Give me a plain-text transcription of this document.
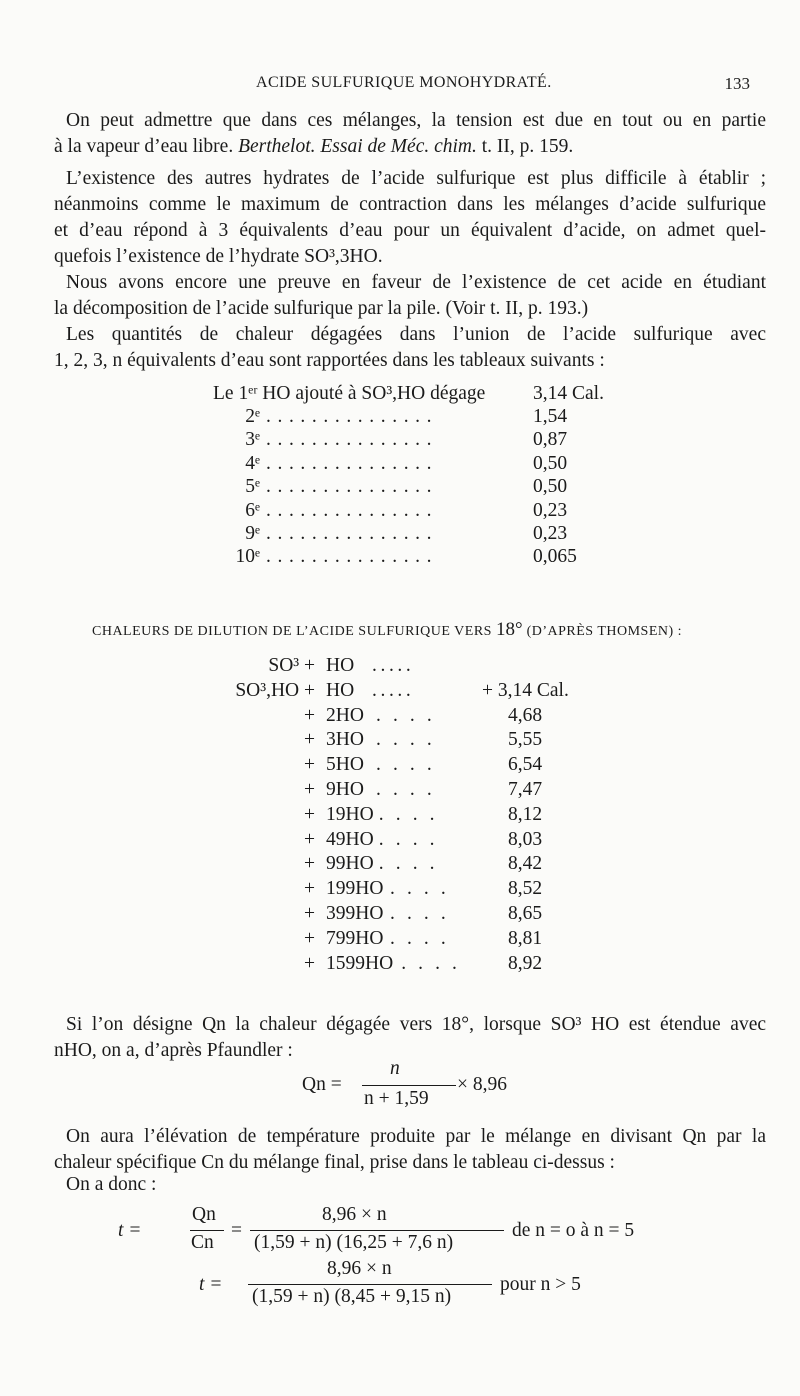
ACIDE SULFURIQUE MONOHYDRATÉ.	133
On peut admettre que dans ces mélanges, la tension est due en tout ou en partie
à la vapeur d’eau libre. Berthelot. Essai de Méc. chim. t. II, p. 159.
L’existence des autres hydrates de l’acide sulfurique est plus difficile à établir ;
néanmoins comme le maximum de contraction dans les mélanges d’acide sulfurique
et d’eau répond à 3 équivalents d’eau pour un équivalent d’acide, on admet quel-
quefois l’existence de l’hydrate SO³,3HO.
Nous avons encore une preuve en faveur de l’existence de cet acide en étudiant
la décomposition de l’acide sulfurique par la pile. (Voir t. II, p. 193.)
Les quantités de chaleur dégagées dans l’union de l’acide sulfurique avec
1, 2, 3, n équivalents d’eau sont rapportées dans les tableaux suivants :
Le 1ᵉʳ HO ajouté à SO³,HO dégage 3,14 Cal.
2ᵉ ...............	1,54
3ᵉ ...............	0,87
4ᵉ ...............	0,50
5ᵉ ...............	0,50
6ᵉ ...............	0,23
9ᵉ ...............	0,23
10ᵉ ...............	0,065
CHALEURS DE DILUTION DE L’ACIDE SULFURIQUE VERS 18° (D’APRÈS THOMSEN) :
SO³ + HO .....
SO³,HO + HO .....	+ 3,14 Cal.
+ 2HO . . . .	4,68
+ 3HO . . . .	5,55
+ 5HO . . . .	6,54
+ 9HO . . . .	7,47
+ 19HO . . . .	8,12
+ 49HO . . . .	8,03
+ 99HO . . . .	8,42
+ 199HO . . . .	8,52
+ 399HO . . . .	8,65
+ 799HO . . . .	8,81
+ 1599HO . . . . 8,92
Si l’on désigne Qn la chaleur dégagée vers 18°, lorsque SO³ HO est étendue avec
nHO, on a, d’après Pfaundler :
Qn =
n
n + 1,59
× 8,96
On aura l’élévation de température produite par le mélange en divisant Qn par la
chaleur spécifique Cn du mélange final, prise dans le tableau ci-dessus :
On a donc :
t =
Qn
Cn
=
8,96 × n
(1,59 + n) (16,25 + 7,6 n)
de n = o à n = 5
t =
8,96 × n
(1,59 + n) (8,45 + 9,15 n)
pour n > 5
